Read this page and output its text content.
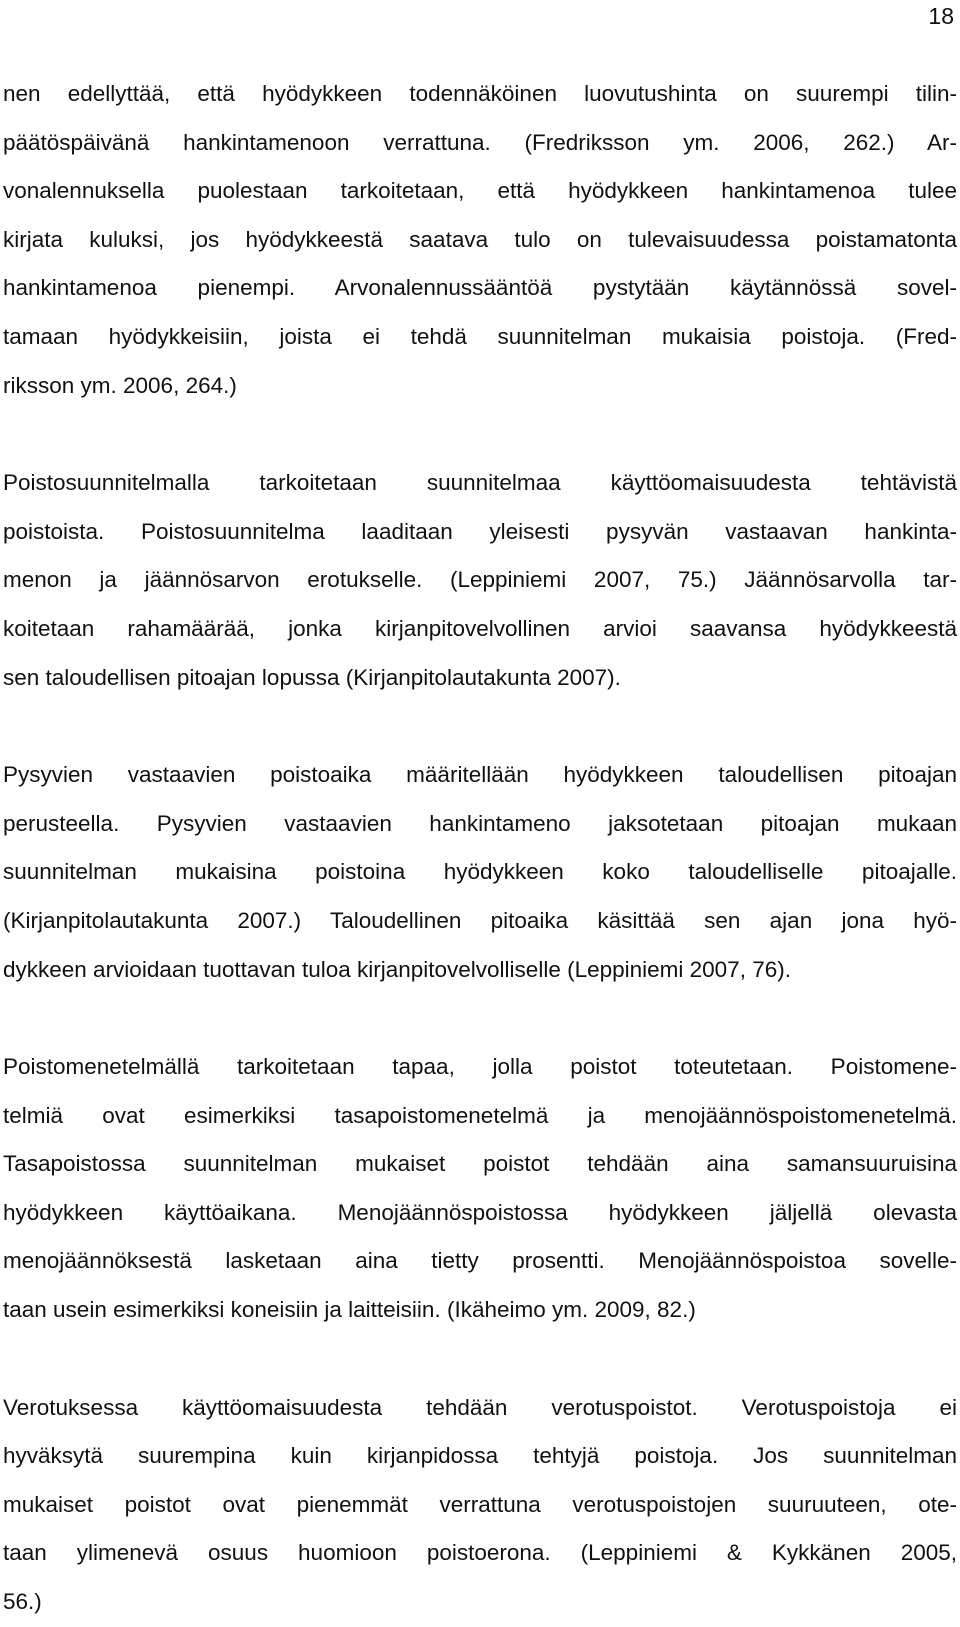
18

nen edellyttää, että hyödykkeen todennäköinen luovutushinta on suurempi tilin-
päätöspäivänä hankintamenoon verrattuna. (Fredriksson ym. 2006, 262.) Ar-
vonalennuksella puolestaan tarkoitetaan, että hyödykkeen hankintamenoa tulee
kirjata kuluksi, jos hyödykkeestä saatava tulo on tulevaisuudessa poistamatonta
hankintamenoa pienempi. Arvonalennussääntöä pystytään käytännössä sovel-
tamaan hyödykkeisiin, joista ei tehdä suunnitelman mukaisia poistoja. (Fred-
riksson ym. 2006, 264.)

Poistosuunnitelmalla tarkoitetaan suunnitelmaa käyttöomaisuudesta tehtävistä
poistoista. Poistosuunnitelma laaditaan yleisesti pysyvän vastaavan hankinta-
menon ja jäännösarvon erotukselle. (Leppiniemi 2007, 75.) Jäännösarvolla tar-
koitetaan rahamäärää, jonka kirjanpitovelvollinen arvioi saavansa hyödykkeestä
sen taloudellisen pitoajan lopussa (Kirjanpitolautakunta 2007).

Pysyvien vastaavien poistoaika määritellään hyödykkeen taloudellisen pitoajan
perusteella. Pysyvien vastaavien hankintameno jaksotetaan pitoajan mukaan
suunnitelman mukaisina poistoina hyödykkeen koko taloudelliselle pitoajalle.
(Kirjanpitolautakunta 2007.) Taloudellinen pitoaika käsittää sen ajan jona hyö-
dykkeen arvioidaan tuottavan tuloa kirjanpitovelvolliselle (Leppiniemi 2007, 76).

Poistomenetelmällä tarkoitetaan tapaa, jolla poistot toteutetaan. Poistomene-
telmiä ovat esimerkiksi tasapoistomenetelmä ja menojäännöspoistomenetelmä.
Tasapoistossa suunnitelman mukaiset poistot tehdään aina samansuuruisina
hyödykkeen käyttöaikana. Menojäännöspoistossa hyödykkeen jäljellä olevasta
menojäännöksestä lasketaan aina tietty prosentti. Menojäännöspoistoa sovelle-
taan usein esimerkiksi koneisiin ja laitteisiin. (Ikäheimo ym. 2009, 82.)

Verotuksessa käyttöomaisuudesta tehdään verotuspoistot. Verotuspoistoja ei
hyväksytä suurempina kuin kirjanpidossa tehtyjä poistoja. Jos suunnitelman
mukaiset poistot ovat pienemmät verrattuna verotuspoistojen suuruuteen, ote-
taan ylimenevä osuus huomioon poistoerona. (Leppiniemi & Kykkänen 2005,
56.)
